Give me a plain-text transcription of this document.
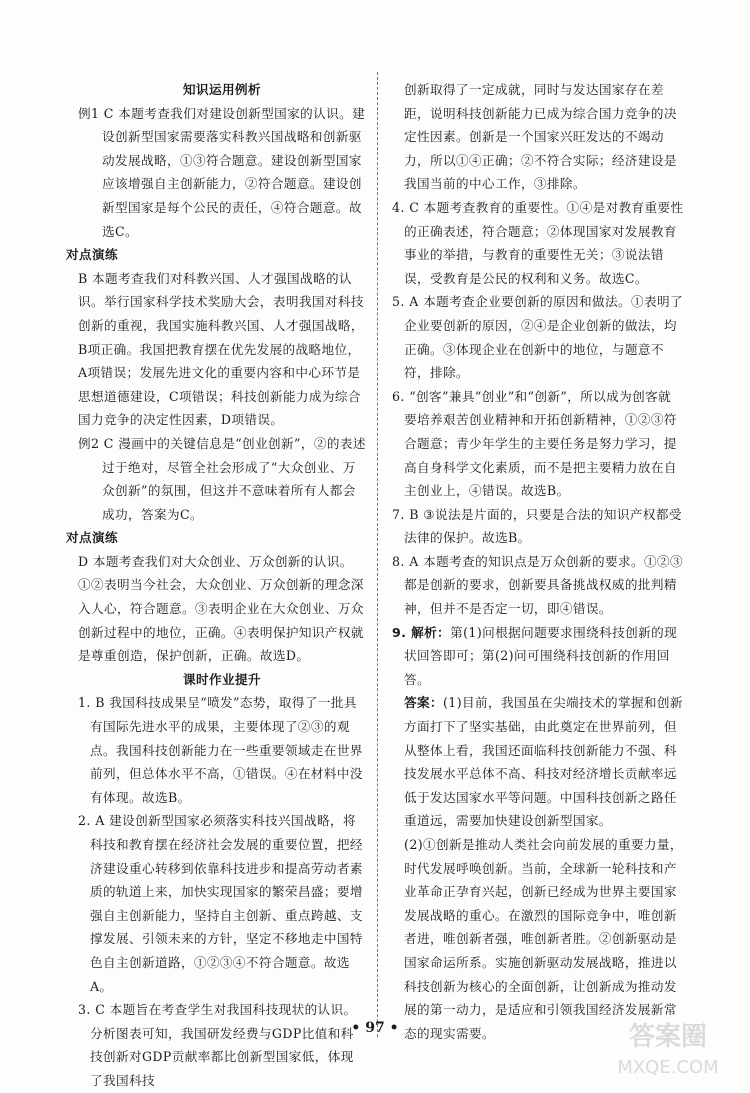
知识运用例析

例1 C 本题考查我们对建设创新型国家的认识。建设创新型国家需要落实科教兴国战略和创新驱动发展战略，①③符合题意。建设创新型国家应该增强自主创新能力，②符合题意。建设创新型国家是每个公民的责任，④符合题意。故选C。

对点演练

B 本题考查我们对科教兴国、人才强国战略的认识。举行国家科学技术奖励大会，表明我国对科技创新的重视，我国实施科教兴国、人才强国战略，B项正确。我国把教育摆在优先发展的战略地位，A项错误；发展先进文化的重要内容和中心环节是思想道德建设，C项错误；科技创新能力成为综合国力竞争的决定性因素，D项错误。

例2 C 漫画中的关键信息是“创业创新”，②的表述过于绝对，尽管全社会形成了“大众创业、万众创新”的氛围，但这并不意味着所有人都会成功，答案为C。

对点演练

D 本题考查我们对大众创业、万众创新的认识。①②表明当今社会，大众创业、万众创新的理念深入人心，符合题意。③表明企业在大众创业、万众创新过程中的地位，正确。④表明保护知识产权就是尊重创造，保护创新，正确。故选D。

课时作业提升

1. B 我国科技成果呈“喷发”态势，取得了一批具有国际先进水平的成果，主要体现了②③的观点。我国科技创新能力在一些重要领域走在世界前列，但总体水平不高，①错误。④在材料中没有体现。故选B。

2. A 建设创新型国家必须落实科技兴国战略，将科技和教育摆在经济社会发展的重要位置，把经济建设重心转移到依靠科技进步和提高劳动者素质的轨道上来，加快实现国家的繁荣昌盛；要增强自主创新能力，坚持自主创新、重点跨越、支撑发展、引领未来的方针，坚定不移地走中国特色自主创新道路，①②③④不符合题意。故选A。

3. C 本题旨在考查学生对我国科技现状的认识。分析图表可知，我国研发经费与GDP比值和科技创新对GDP贡献率都比创新型国家低，体现了我国科技

创新取得了一定成就，同时与发达国家存在差距，说明科技创新能力已成为综合国力竞争的决定性因素。创新是一个国家兴旺发达的不竭动力，所以①④正确；②不符合实际；经济建设是我国当前的中心工作，③排除。

4. C 本题考查教育的重要性。①④是对教育重要性的正确表述，符合题意；②体现国家对发展教育事业的举措，与教育的重要性无关；③说法错误，受教育是公民的权利和义务。故选C。

5. A 本题考查企业要创新的原因和做法。①表明了企业要创新的原因，②④是企业创新的做法，均正确。③体现企业在创新中的地位，与题意不符，排除。

6. “创客”兼具“创业”和“创新”，所以成为创客就要培养艰苦创业精神和开拓创新精神，①②③符合题意；青少年学生的主要任务是努力学习，提高自身科学文化素质，而不是把主要精力放在自主创业上，④错误。故选B。

7. B ③说法是片面的，只要是合法的知识产权都受法律的保护。故选B。

8. A 本题考查的知识点是万众创新的要求。①②③都是创新的要求，创新要具备挑战权威的批判精神，但并不是否定一切，即④错误。

9. 解析：第(1)问根据问题要求围绕科技创新的现状回答即可；第(2)问可围绕科技创新的作用回答。

答案：(1)目前，我国虽在尖端技术的掌握和创新方面打下了坚实基础，由此奠定在世界前列，但从整体上看，我国还面临科技创新能力不强、科技发展水平总体不高、科技对经济增长贡献率远低于发达国家水平等问题。中国科技创新之路任重道远，需要加快建设创新型国家。

(2)①创新是推动人类社会向前发展的重要力量，时代发展呼唤创新。当前，全球新一轮科技和产业革命正孕育兴起，创新已经成为世界主要国家发展战略的重心。在激烈的国际竞争中，唯创新者进，唯创新者强，唯创新者胜。②创新驱动是国家命运所系。实施创新驱动发展战略，推进以科技创新为核心的全面创新，让创新成为推动发展的第一动力，是适应和引领我国经济发展新常态的现实需要。

• 97 •	答案圈
MXQE.COM
